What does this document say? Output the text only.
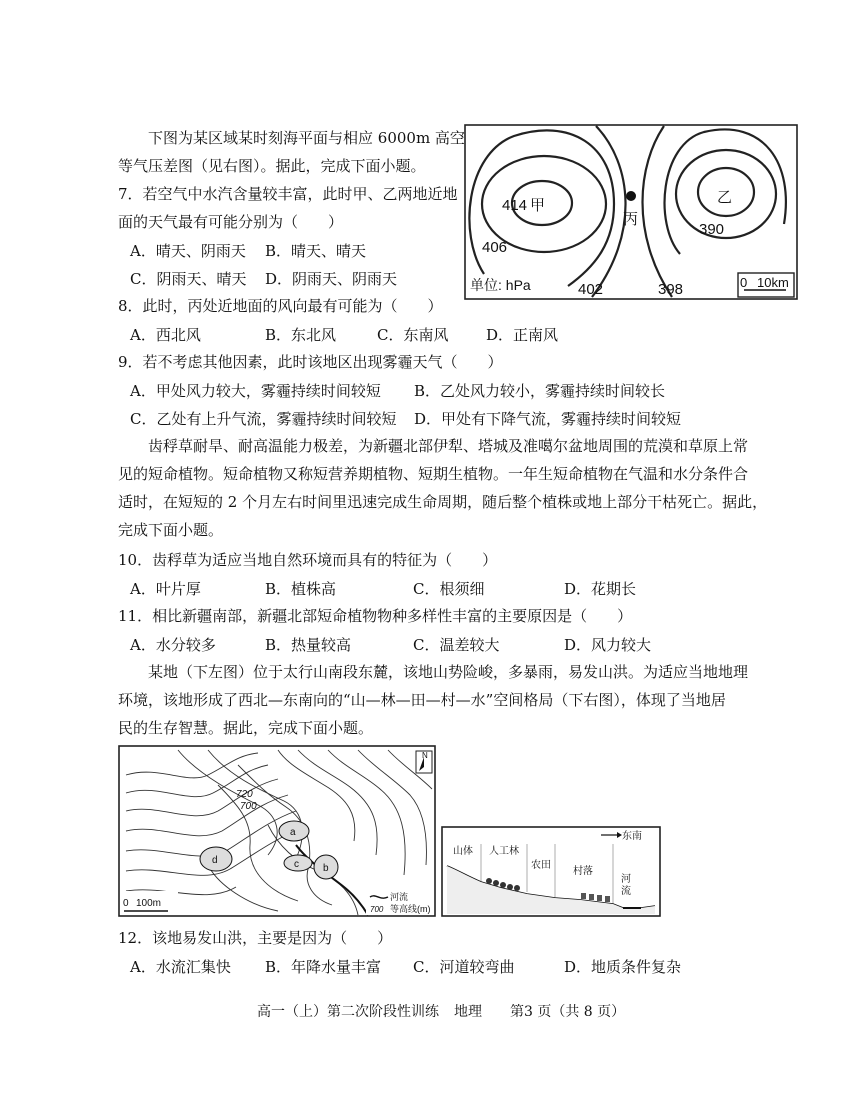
下图为某区域某时刻海平面与相应 6000m 高空
等气压差图（见右图）。据此，完成下面小题。
7．若空气中水汽含量较丰富，此时甲、乙两地近地
面的天气最有可能分别为（　　）
A．晴天、阴雨天 B．晴天、晴天
C．阴雨天、晴天 D．阴雨天、阴雨天
414 甲
丙
乙
390
406
402	398
单位: hPa	0 10km
8．此时，丙处近地面的风向最有可能为（　　）
A．西北风	B．东北风	C．东南风	D．正南风
9．若不考虑其他因素，此时该地区出现雾霾天气（　　）
A．甲处风力较大，雾霾持续时间较短 B．乙处风力较小，雾霾持续时间较长
C．乙处有上升气流，雾霾持续时间较短 D．甲处有下降气流，雾霾持续时间较短
齿稃草耐旱、耐高温能力极差，为新疆北部伊犁、塔城及准噶尔盆地周围的荒漠和草原上常
见的短命植物。短命植物又称短营养期植物、短期生植物。一年生短命植物在气温和水分条件合
适时，在短短的 2 个月左右时间里迅速完成生命周期，随后整个植株或地上部分干枯死亡。据此，
完成下面小题。
10．齿稃草为适应当地自然环境而具有的特征为（　　）
A．叶片厚	B．植株高	C．根须细	D．花期长
11．相比新疆南部，新疆北部短命植物物种多样性丰富的主要原因是（　　）
A．水分较多	B．热量较高	C．温差较大	D．风力较大
某地（下左图）位于太行山南段东麓，该地山势险峻，多暴雨，易发山洪。为适应当地地理
环境，该地形成了西北—东南向的“山—林—田—村—水”空间格局（下右图），体现了当地居
民的生存智慧。据此，完成下面小题。
a
b
c
d
720
700
N
0 100m
河流
700 等高线(m)
东南
山体 人工林
农田
村落
河
流
12．该地易发山洪，主要是因为（　　）
A．水流汇集快 B．年降水量丰富 C．河道较弯曲	D．地质条件复杂
高一（上）第二次阶段性训练 地理 第3 页（共 8 页）
